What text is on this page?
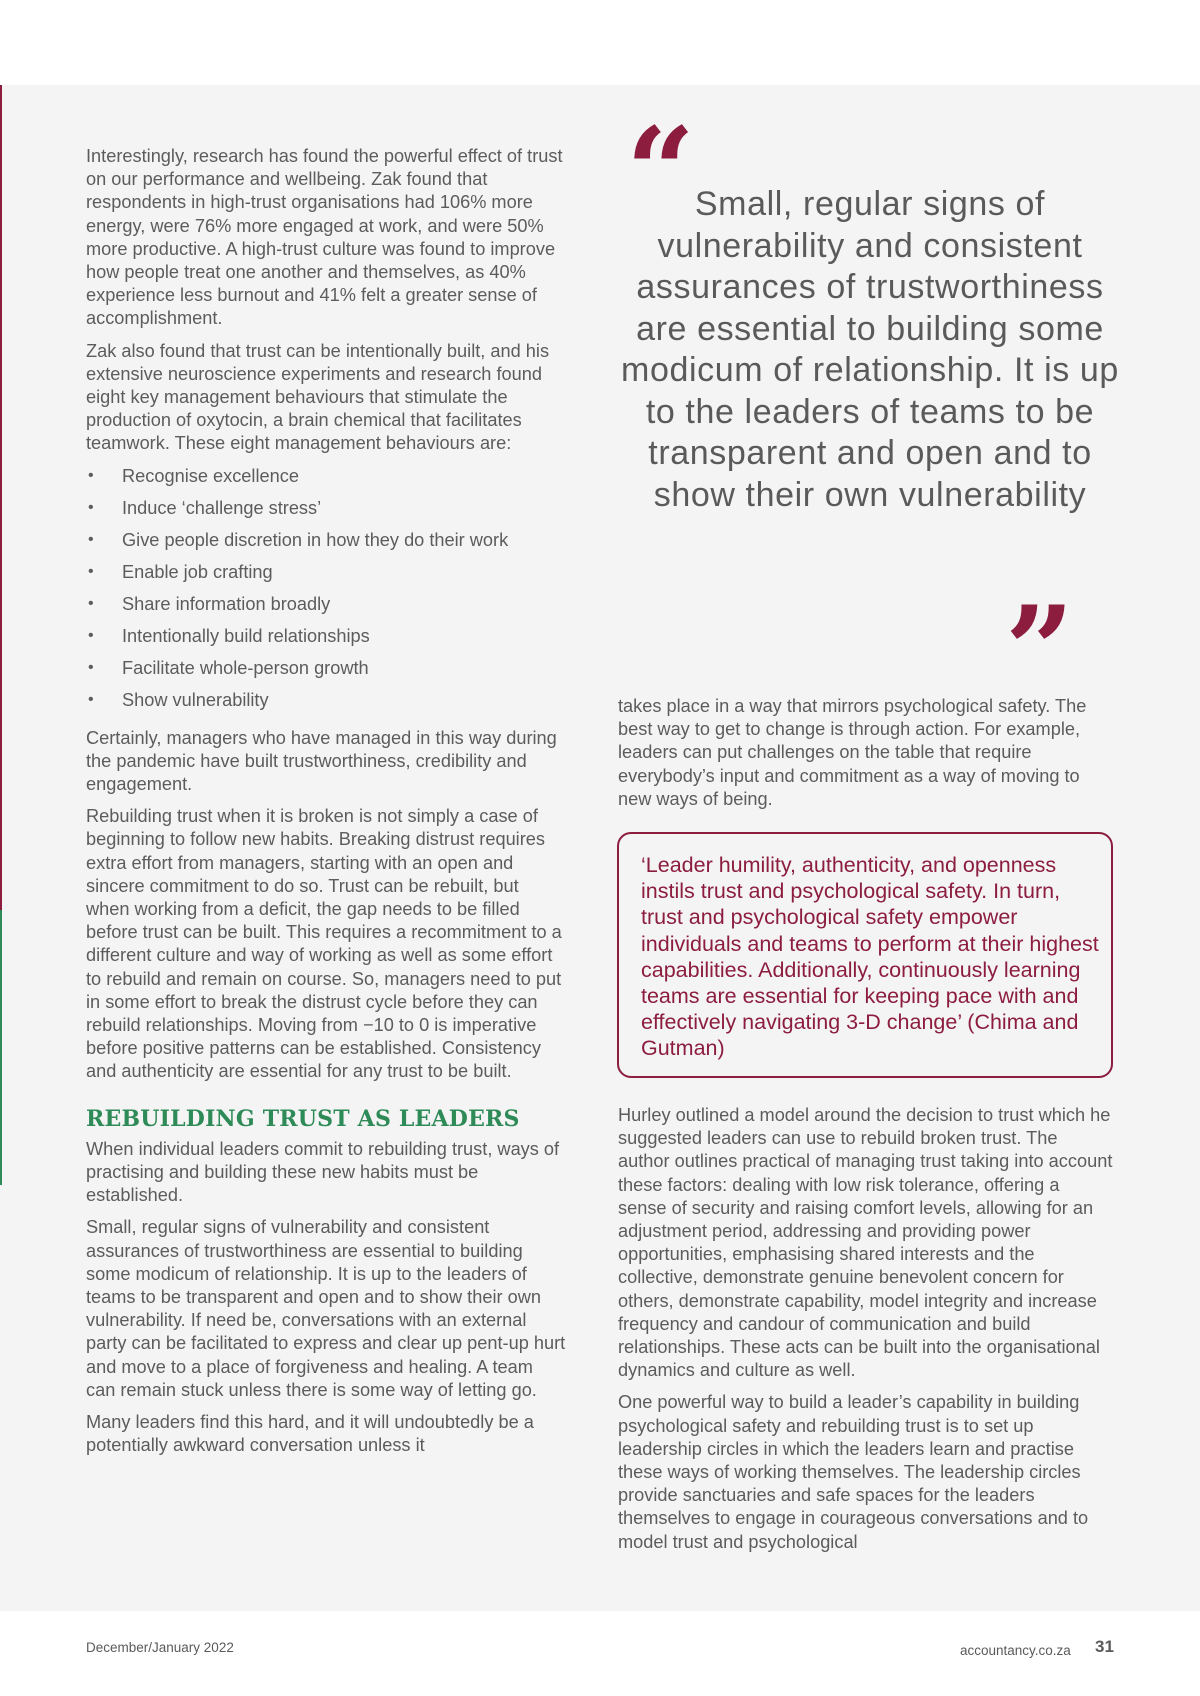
Interestingly, research has found the powerful effect of trust on our performance and wellbeing. Zak found that respondents in high-trust organisations had 106% more energy, were 76% more engaged at work, and were 50% more productive. A high-trust culture was found to improve how people treat one another and themselves, as 40% experience less burnout and 41% felt a greater sense of accomplishment.

Zak also found that trust can be intentionally built, and his extensive neuroscience experiments and research found eight key management behaviours that stimulate the production of oxytocin, a brain chemical that facilitates teamwork. These eight management behaviours are:

• Recognise excellence
• Induce ‘challenge stress’
• Give people discretion in how they do their work
• Enable job crafting
• Share information broadly
• Intentionally build relationships
• Facilitate whole-person growth
• Show vulnerability

Certainly, managers who have managed in this way during the pandemic have built trustworthiness, credibility and engagement.

Rebuilding trust when it is broken is not simply a case of beginning to follow new habits. Breaking distrust requires extra effort from managers, starting with an open and sincere commitment to do so. Trust can be rebuilt, but when working from a deficit, the gap needs to be filled before trust can be built. This requires a recommitment to a different culture and way of working as well as some effort to rebuild and remain on course. So, managers need to put in some effort to break the distrust cycle before they can rebuild relationships. Moving from −10 to 0 is imperative before positive patterns can be established. Consistency and authenticity are essential for any trust to be built.

REBUILDING TRUST AS LEADERS

When individual leaders commit to rebuilding trust, ways of practising and building these new habits must be established.

Small, regular signs of vulnerability and consistent assurances of trustworthiness are essential to building some modicum of relationship. It is up to the leaders of teams to be transparent and open and to show their own vulnerability. If need be, conversations with an external party can be facilitated to express and clear up pent-up hurt and move to a place of forgiveness and healing. A team can remain stuck unless there is some way of letting go.

Many leaders find this hard, and it will undoubtedly be a potentially awkward conversation unless it

“ Small, regular signs of vulnerability and consistent assurances of trustworthiness are essential to building some modicum of relationship. It is up to the leaders of teams to be transparent and open and to show their own vulnerability
”

takes place in a way that mirrors psychological safety. The best way to get to change is through action. For example, leaders can put challenges on the table that require everybody’s input and commitment as a way of moving to new ways of being.

‘Leader humility, authenticity, and openness instils trust and psychological safety. In turn, trust and psychological safety empower individuals and teams to perform at their highest capabilities. Additionally, continuously learning teams are essential for keeping pace with and effectively navigating 3-D change’ (Chima and Gutman)

Hurley outlined a model around the decision to trust which he suggested leaders can use to rebuild broken trust. The author outlines practical of managing trust taking into account these factors: dealing with low risk tolerance, offering a sense of security and raising comfort levels, allowing for an adjustment period, addressing and providing power opportunities, emphasising shared interests and the collective, demonstrate genuine benevolent concern for others, demonstrate capability, model integrity and increase frequency and candour of communication and build relationships. These acts can be built into the organisational dynamics and culture as well.

One powerful way to build a leader’s capability in building psychological safety and rebuilding trust is to set up leadership circles in which the leaders learn and practise these ways of working themselves. The leadership circles provide sanctuaries and safe spaces for the leaders themselves to engage in courageous conversations and to model trust and psychological

December/January 2022	accountancy.co.za 31
